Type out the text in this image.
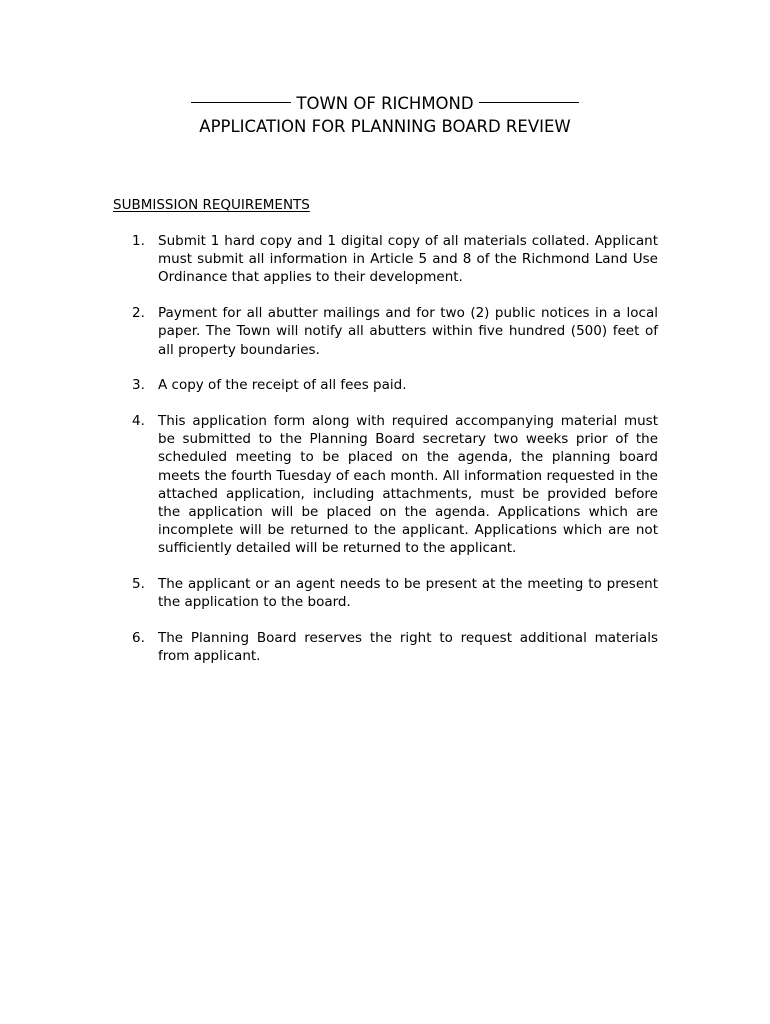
TOWN OF RICHMOND
APPLICATION FOR PLANNING BOARD REVIEW
SUBMISSION REQUIREMENTS
1. Submit 1 hard copy and 1 digital copy of all materials collated. Applicant must submit all information in Article 5 and 8 of the Richmond Land Use Ordinance that applies to their development.
2. Payment for all abutter mailings and for two (2) public notices in a local paper. The Town will notify all abutters within five hundred (500) feet of all property boundaries.
3. A copy of the receipt of all fees paid.
4. This application form along with required accompanying material must be submitted to the Planning Board secretary two weeks prior of the scheduled meeting to be placed on the agenda, the planning board meets the fourth Tuesday of each month. All information requested in the attached application, including attachments, must be provided before the application will be placed on the agenda. Applications which are incomplete will be returned to the applicant. Applications which are not sufficiently detailed will be returned to the applicant.
5. The applicant or an agent needs to be present at the meeting to present the application to the board.
6. The Planning Board reserves the right to request additional materials from applicant.
